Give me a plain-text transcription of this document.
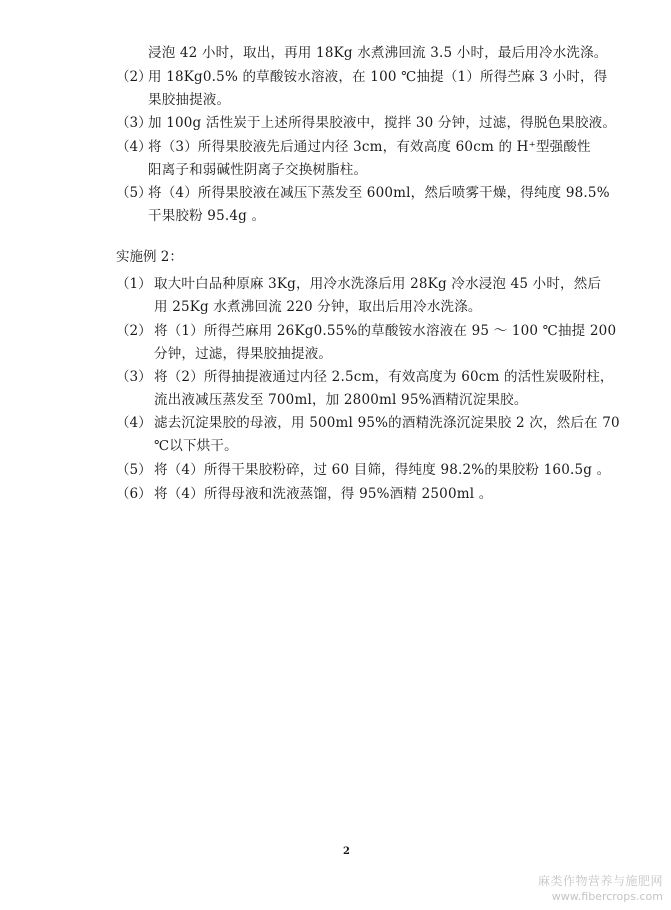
浸泡 42 小时，取出，再用 18Kg 水煮沸回流 3.5 小时，最后用冷水洗涤。
（2）
用 18Kg0.5% 的草酸铵水溶液，在 100 ℃抽提（1）所得苎麻 3 小时，得
果胶抽提液。
（3）
加 100g 活性炭于上述所得果胶液中，搅拌 30 分钟，过滤，得脱色果胶液。
（4）
将（3）所得果胶液先后通过内径 3cm，有效高度 60cm 的 H⁺型强酸性
阳离子和弱碱性阴离子交换树脂柱。
（5）
将（4）所得果胶液在减压下蒸发至 600ml，然后喷雾干燥，得纯度 98.5%
干果胶粉 95.4g 。
实施例 2：
（1） 取大叶白品种原麻 3Kg，用冷水洗涤后用 28Kg 冷水浸泡 45 小时，然后
用 25Kg 水煮沸回流 220 分钟，取出后用冷水洗涤。
（2） 将（1）所得苎麻用 26Kg0.55%的草酸铵水溶液在 95 ～ 100 ℃抽提 200
分钟，过滤，得果胶抽提液。
（3） 将（2）所得抽提液通过内径 2.5cm，有效高度为 60cm 的活性炭吸附柱，
流出液减压蒸发至 700ml，加 2800ml 95%酒精沉淀果胶。
（4） 滤去沉淀果胶的母液，用 500ml 95%的酒精洗涤沉淀果胶 2 次，然后在 70
℃以下烘干。
（5） 将（4）所得干果胶粉碎，过 60 目筛，得纯度 98.2%的果胶粉 160.5g 。
（6） 将（4）所得母液和洗液蒸馏，得 95%酒精 2500ml 。
2
麻类作物营养与施肥网
www.fibercrops.com
